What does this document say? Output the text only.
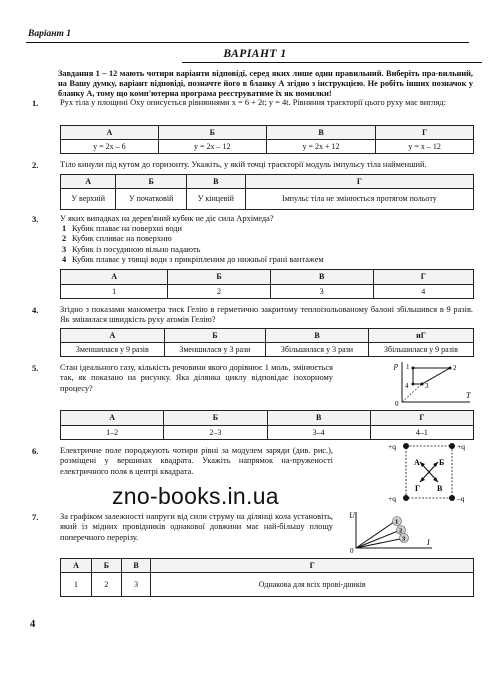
Варіант 1
ВАРІАНТ 1
Завдання 1 – 12 мають чотири варіанти відповіді, серед яких лише один правильний. Виберіть пра-вильний, на Вашу думку, варіант відповіді, позначте його в бланку А згідно з інструкцією. Не робіть інших позначок у бланку А, тому що комп'ютерна програма реєструватиме їх як помилки!
1.	Рух тіла у площині Oxy описується рівняннями x = 6 + 2t; y = 4t. Рівняння траєкторії цього руху має вигляд:
А	Б	В	Г
y = 2x – 6	y = 2x – 12	y = 2x + 12	y = x – 12
2.	Тіло кинули під кутом до горизонту. Укажіть, у якій точці траєкторії модуль імпульсу тіла найменший.
А	Б	В	Г
У верхній	У початковій	У кінцевій	Імпульс тіла не змінюється протягом польоту
3.	У яких випадках на дерев'яний кубик не діє сила Архімеда?
1 Кубик плаває на поверхні води
2 Кубик спливає на поверхню
3 Кубик із посудиною вільно падають
4 Кубик плаває у товщі води з прикріпленим до нижньої грані вантажем
А	Б	В	Г
1	2	3	4
4.	Згідно з показами манометра тиск Гелію в герметично закритому теплоізольованому балоні збільшився в 9 разів. Як змінилася швидкість руху атомів Гелію?
А	Б	В	иГ
Зменшилася у 9 разів	Зменшилася у 3 рази	Збільшилася у 3 рази	Збільшилася у 9 разів
5.	Стан ідеального газу, кількість речовини якого дорівнює 1 моль, змінюється так, як показано на рисунку. Яка ділянка циклу відповідає ізохорному процесу?
p
T
0
1	2
3
4
А	Б	В	Г
1–2	2–3	3–4	4–1
6.	Електричне поле породжують чотири рівні за модулем заряди (див. рис.), розміщені у вершинах квадрата. Укажіть напрямок на-пруженості електричного поля в центрі квадрата.
+q	+q
+q	–q
А Б
В
Г
zno-books.in.ua
7.	За графіком залежності напруги від сили струму на ділянці кола установіть, який із мідних провідників однакової довжини має най-більшу площу поперечного перерізу.
U
I
0
1
2
3
А	Б	В	Г
1	2	3	Однакова для всіх прові-дників
4
